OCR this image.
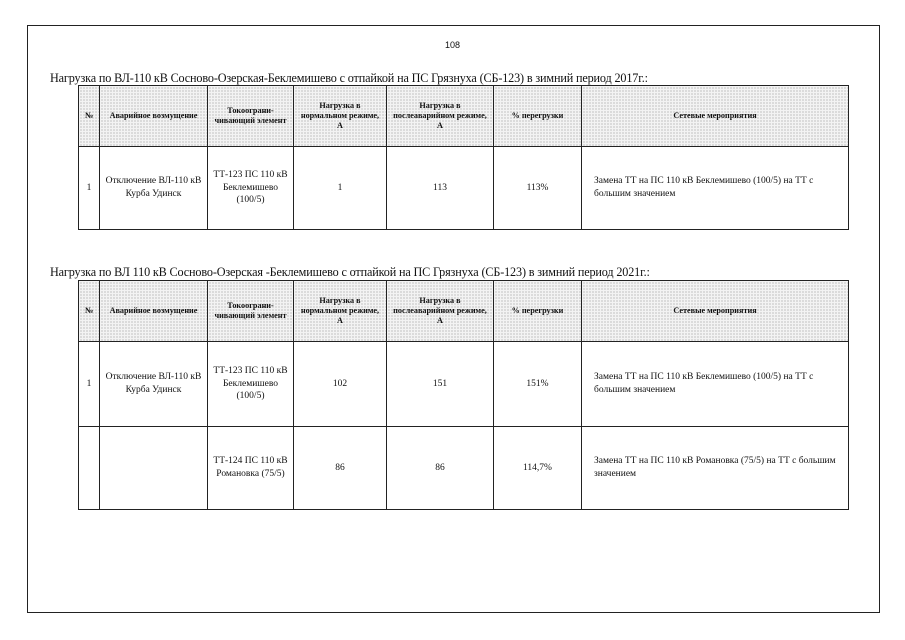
108
Нагрузка по ВЛ-110 кВ Сосново-Озерская-Беклемишево с отпайкой на ПС Грязнуха (СБ-123) в зимний период 2017г.:
№	Аварийное возмущение	Токоограни-чивающий элемент	Нагрузка в нормальном режиме, А	Нагрузка в послеаварийном режиме, А	% перегрузки	Сетевые мероприятия
1	Отключение ВЛ-110 кВ Курба Удинск	ТТ-123 ПС 110 кВ Беклемишево (100/5)	1	113	113%	Замена ТТ на ПС 110 кВ Беклемишево (100/5) на ТТ с большим значением
Нагрузка по ВЛ 110 кВ Сосново-Озерская -Беклемишево с отпайкой на ПС Грязнуха (СБ-123) в зимний период 2021г.:
№	Аварийное возмущение	Токоограни-чивающий элемент	Нагрузка в нормальном режиме, А	Нагрузка в послеаварийном режиме, А	% перегрузки	Сетевые мероприятия
1	Отключение ВЛ-110 кВ Курба Удинск	ТТ-123 ПС 110 кВ Беклемишево (100/5)	102	151	151%	Замена ТТ на ПС 110 кВ Беклемишево (100/5) на ТТ с большим значением
		ТТ-124 ПС 110 кВ Романовка (75/5)	86	86	114,7%	Замена ТТ на ПС 110 кВ Романовка (75/5) на ТТ с большим значением
